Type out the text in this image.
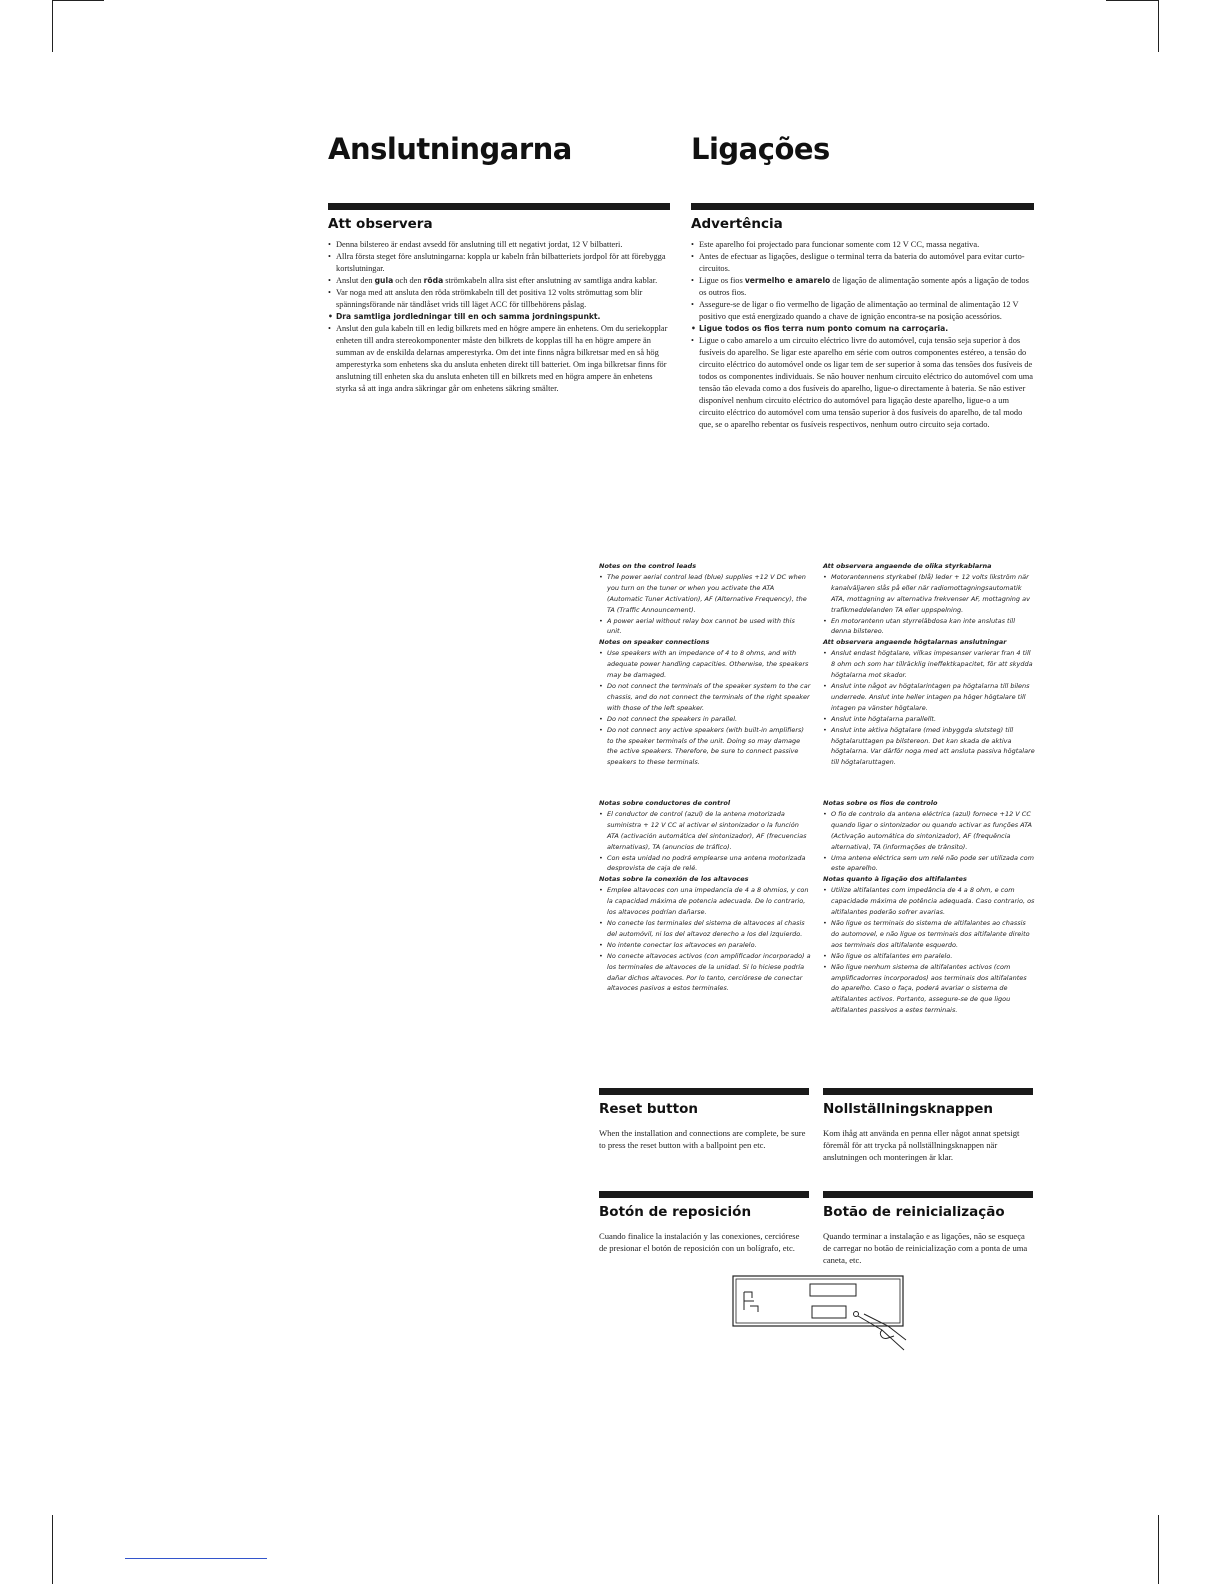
Anslutningarna	Ligações
Att observera
• Denna bilstereo är endast avsedd för anslutning till ett negativt jordat, 12 V bilbatteri.
• Allra första steget före anslutningarna: koppla ur kabeln från bilbatteriets jordpol för att förebygga kortslutningar.
• Anslut den gula och den röda strömkabeln allra sist efter anslutning av samtliga andra kablar.
• Var noga med att ansluta den röda strömkabeln till det positiva 12 volts strömuttag som blir spänningsförande när tändlåset vrids till läget ACC för tillbehörens påslag.
• Dra samtliga jordledningar till en och samma jordningspunkt.
• Anslut den gula kabeln till en ledig bilkrets med en högre ampere än enhetens. Om du seriekopplar enheten till andra stereokomponenter måste den bilkrets de kopplas till ha en högre ampere än summan av de enskilda delarnas amperestyrka. Om det inte finns några bilkretsar med en så hög amperestyrka som enhetens ska du ansluta enheten direkt till batteriet. Om inga bilkretsar finns för anslutning till enheten ska du ansluta enheten till en bilkrets med en högra ampere än enhetens styrka så att inga andra säkringar går om enhetens säkring smälter.
Advertência
• Este aparelho foi projectado para funcionar somente com 12 V CC, massa negativa.
• Antes de efectuar as ligações, desligue o terminal terra da bateria do automóvel para evitar curto-circuitos.
• Ligue os fios vermelho e amarelo de ligação de alimentação somente após a ligação de todos os outros fios.
• Assegure-se de ligar o fio vermelho de ligação de alimentação ao terminal de alimentação 12 V positivo que está energizado quando a chave de ignição encontra-se na posição acessórios.
• Ligue todos os fios terra num ponto comum na carroçaria.
• Ligue o cabo amarelo a um circuito eléctrico livre do automóvel, cuja tensão seja superior à dos fusíveis do aparelho. Se ligar este aparelho em série com outros componentes estéreo, a tensão do circuito eléctrico do automóvel onde os ligar tem de ser superior à soma das tensões dos fusíveis de todos os componentes individuais. Se não houver nenhum circuito eléctrico do automóvel com uma tensão tão elevada como a dos fusíveis do aparelho, ligue-o directamente à bateria. Se não estiver disponível nenhum circuito eléctrico do automóvel para ligação deste aparelho, ligue-o a um circuito eléctrico do automóvel com uma tensão superior à dos fusíveis do aparelho, de tal modo que, se o aparelho rebentar os fusíveis respectivos, nenhum outro circuito seja cortado.
Notes on the control leads
• The power aerial control lead (blue) supplies +12 V DC when you turn on the tuner or when you activate the ATA (Automatic Tuner Activation), AF (Alternative Frequency), the TA (Traffic Announcement).
• A power aerial without relay box cannot be used with this unit.
Notes on speaker connections
• Use speakers with an impedance of 4 to 8 ohms, and with adequate power handling capacities. Otherwise, the speakers may be damaged.
• Do not connect the terminals of the speaker system to the car chassis, and do not connect the terminals of the right speaker with those of the left speaker.
• Do not connect the speakers in parallel.
• Do not connect any active speakers (with built-in amplifiers) to the speaker terminals of the unit. Doing so may damage the active speakers. Therefore, be sure to connect passive speakers to these terminals.
Att observera angaende de olika styrkablarna
• Motorantennens styrkabel (blå) leder + 12 volts likström när kanalväljaren slås på eller när radiomottagningsautomatik ATA, mottagning av alternativa frekvenser AF, mottagning av trafikmeddelanden TA eller uppspelning.
• En motorantenn utan styrreläbdosa kan inte anslutas till denna bilstereo.
Att observera angaende högtalarnas anslutningar
• Anslut endast högtalare, vilkas impesanser varierar fran 4 till 8 ohm och som har tillräcklig ineffektkapacitet, för att skydda högtalarna mot skador.
• Anslut inte något av högtalarintagen pa högtalarna till bilens underrede. Anslut inte heller intagen pa höger högtalare till intagen pa vänster högtalare.
• Anslut inte högtalarna parallellt.
• Anslut inte aktiva högtalare (med inbyggda slutsteg) till högtalaruttagen pa bilstereon. Det kan skada de aktiva högtalarna. Var därför noga med att ansluta passiva högtalare till högtalaruttagen.
Notas sobre conductores de control
• El conductor de control (azul) de la antena motorizada suministra + 12 V CC al activar el sintonizador o la función ATA (activación automática del sintonizador), AF (frecuencias alternativas), TA (anuncios de tráfico).
• Con esta unidad no podrá emplearse una antena motorizada desprovista de caja de relé.
Notas sobre la conexión de los altavoces
• Emplee altavoces con una impedancia de 4 a 8 ohmios, y con la capacidad máxima de potencia adecuada. De lo contrario, los altavoces podrían dañarse.
• No conecte los terminales del sistema de altavoces al chasis del automóvil, ni los del altavoz derecho a los del izquierdo.
• No intente conectar los altavoces en paralelo.
• No conecte altavoces activos (con amplificador incorporado) a los terminales de altavoces de la unidad. Si lo hiciese podría dañar dichos altavoces. Por lo tanto, cerciórese de conectar altavoces pasivos a estos terminales.
Notas sobre os fios de controlo
• O fio de controlo da antena eléctrica (azul) fornece +12 V CC quando ligar o sintonizador ou quando activar as funções ATA (Activação automática do sintonizador), AF (frequência alternativa), TA (informações de trânsito).
• Uma antena eléctrica sem um relé não pode ser utilizada com este aparelho.
Notas quanto à ligação dos altifalantes
• Utilize altifalantes com impedância de 4 a 8 ohm, e com capacidade máxima de potência adequada. Caso contrario, os altifalantes poderão sofrer avarias.
• Não ligue os terminais do sistema de altifalantes ao chassis do automovel, e não ligue os terminais dos altifalante direito aos terminais dos altifalante esquerdo.
• Não ligue os altifalantes em paralelo.
• Não ligue nenhum sistema de altifalantes activos (com amplificadorres incorporados) aos terminais dos altifalantes do aparelho. Caso o faça, poderá avariar o sistema de altifalantes activos. Portanto, assegure-se de que ligou altifalantes passivos a estes terminais.
Reset button
When the installation and connections are complete, be sure to press the reset button with a ballpoint pen etc.
Nollställningsknappen
Kom ihåg att använda en penna eller något annat spetsigt föremål för att trycka på nollställningsknappen när anslutningen och monteringen är klar.
Botón de reposición
Cuando finalice la instalación y las conexiones, cerciórese de presionar el botón de reposición con un bolígrafo, etc.
Botão de reinicialização
Quando terminar a instalação e as ligações, não se esqueça de carregar no botão de reinicialização com a ponta de uma caneta, etc.
